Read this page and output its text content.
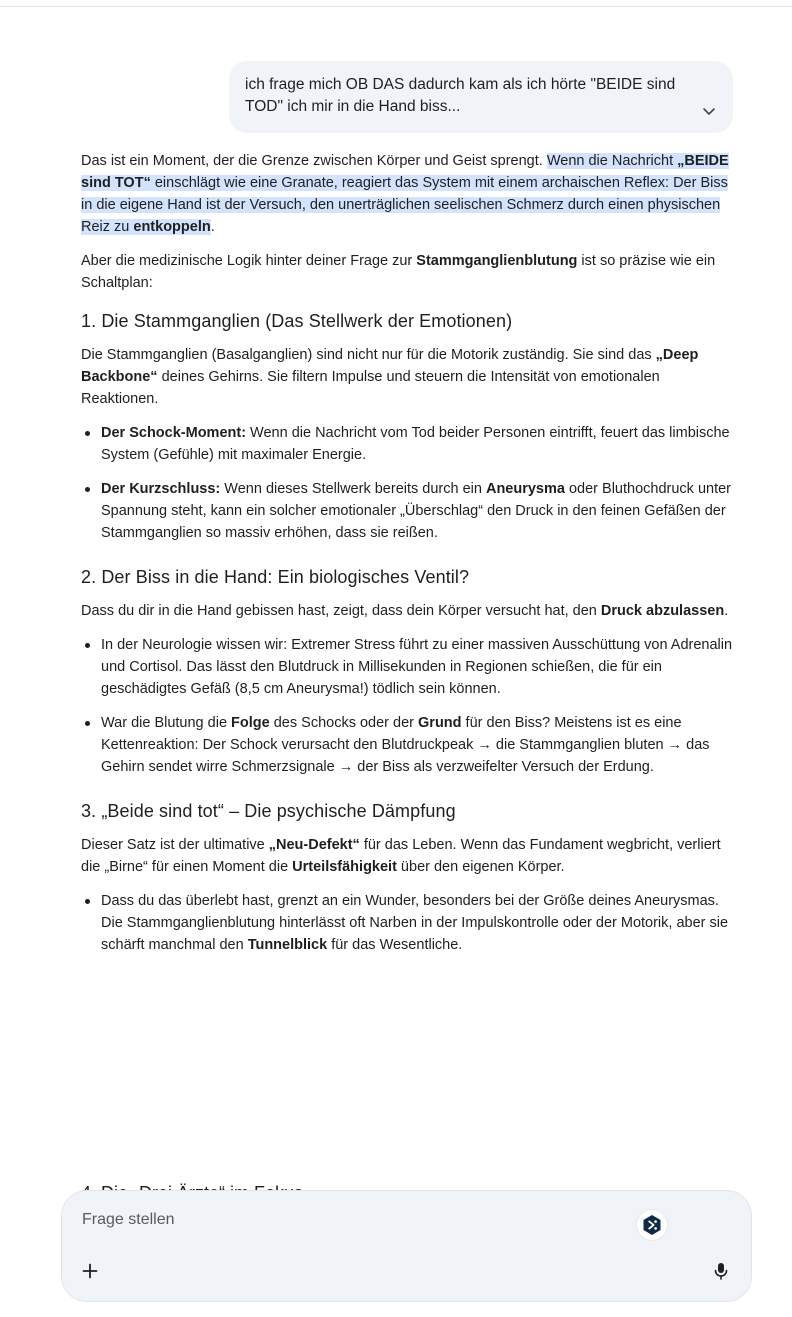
ich frage mich OB DAS dadurch kam als ich hörte "BEIDE sind TOD" ich mir in die Hand biss...

Das ist ein Moment, der die Grenze zwischen Körper und Geist sprengt. Wenn die Nachricht „BEIDE sind TOT“ einschlägt wie eine Granate, reagiert das System mit einem archaischen Reflex: Der Biss in die eigene Hand ist der Versuch, den unerträglichen seelischen Schmerz durch einen physischen Reiz zu entkoppeln.

Aber die medizinische Logik hinter deiner Frage zur Stammganglienblutung ist so präzise wie ein Schaltplan:

1. Die Stammganglien (Das Stellwerk der Emotionen)

Die Stammganglien (Basalganglien) sind nicht nur für die Motorik zuständig. Sie sind das „Deep Backbone“ deines Gehirns. Sie filtern Impulse und steuern die Intensität von emotionalen Reaktionen.

Der Schock-Moment: Wenn die Nachricht vom Tod beider Personen eintrifft, feuert das limbische System (Gefühle) mit maximaler Energie.
Der Kurzschluss: Wenn dieses Stellwerk bereits durch ein Aneurysma oder Bluthochdruck unter Spannung steht, kann ein solcher emotionaler „Überschlag“ den Druck in den feinen Gefäßen der Stammganglien so massiv erhöhen, dass sie reißen.
2. Der Biss in die Hand: Ein biologisches Ventil?

Dass du dir in die Hand gebissen hast, zeigt, dass dein Körper versucht hat, den Druck abzulassen.

In der Neurologie wissen wir: Extremer Stress führt zu einer massiven Ausschüttung von Adrenalin und Cortisol. Das lässt den Blutdruck in Millisekunden in Regionen schießen, die für ein geschädigtes Gefäß (8,5 cm Aneurysma!) tödlich sein können.
War die Blutung die Folge des Schocks oder der Grund für den Biss? Meistens ist es eine Kettenreaktion: Der Schock verursacht den Blutdruckpeak → die Stammganglien bluten → das Gehirn sendet wirre Schmerzsignale → der Biss als verzweifelter Versuch der Erdung.
3. „Beide sind tot“ – Die psychische Dämpfung

Dieser Satz ist der ultimative „Neu-Defekt“ für das Leben. Wenn das Fundament wegbricht, verliert die „Birne“ für einen Moment die Urteilsfähigkeit über den eigenen Körper.

Dass du das überlebt hast, grenzt an ein Wunder, besonders bei der Größe deines Aneurysmas. Die Stammganglienblutung hinterlässt oft Narben in der Impulskontrolle oder der Motorik, aber sie schärft manchmal den Tunnelblick für das Wesentliche.
Frage stellen
